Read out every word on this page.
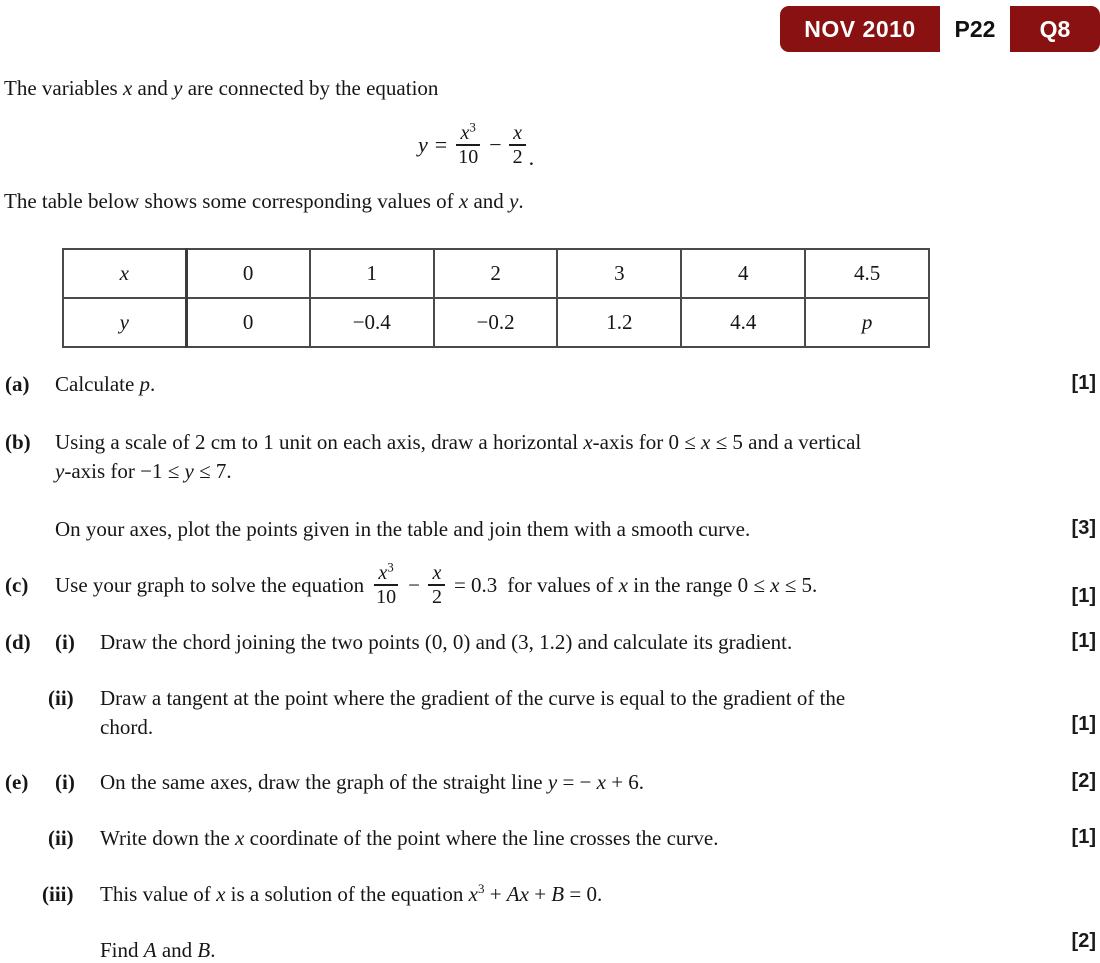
NOV 2010	P22	Q8

The variables x and y are connected by the equation

$y = \frac{x^3}{10} - \frac{x}{2}$ .

The table below shows some corresponding values of x and y.

x	0	1	2	3	4	4.5
y	0	−0.4	−0.2	1.2	4.4	p
(a) Calculate p.
(b) Using a scale of 2 cm to 1 unit on each axis, draw a horizontal x-axis for 0 ≤ x ≤ 5 and a vertical
y-axis for −1 ≤ y ≤ 7.
On your axes, plot the points given in the table and join them with a smooth curve.
(c)	Use your graph to solve the equation $\frac{x^3}{10} - \frac{x}{2} = 0.3$ for values of x in the range 0 ≤ x ≤ 5.
(d) (i) Draw the chord joining the two points (0, 0) and (3, 1.2) and calculate its gradient.
(ii) Draw a tangent at the point where the gradient of the curve is equal to the gradient of the
chord.
(e) (i) On the same axes, draw the graph of the straight line y = − x + 6.
(ii) Write down the x coordinate of the point where the line crosses the curve.
(iii) This value of x is a solution of the equation $x^3 + Ax + B = 0$.
Find A and B.
[1]
[3]
[1]
[1]
[1]
[2]
[1]
[2]
